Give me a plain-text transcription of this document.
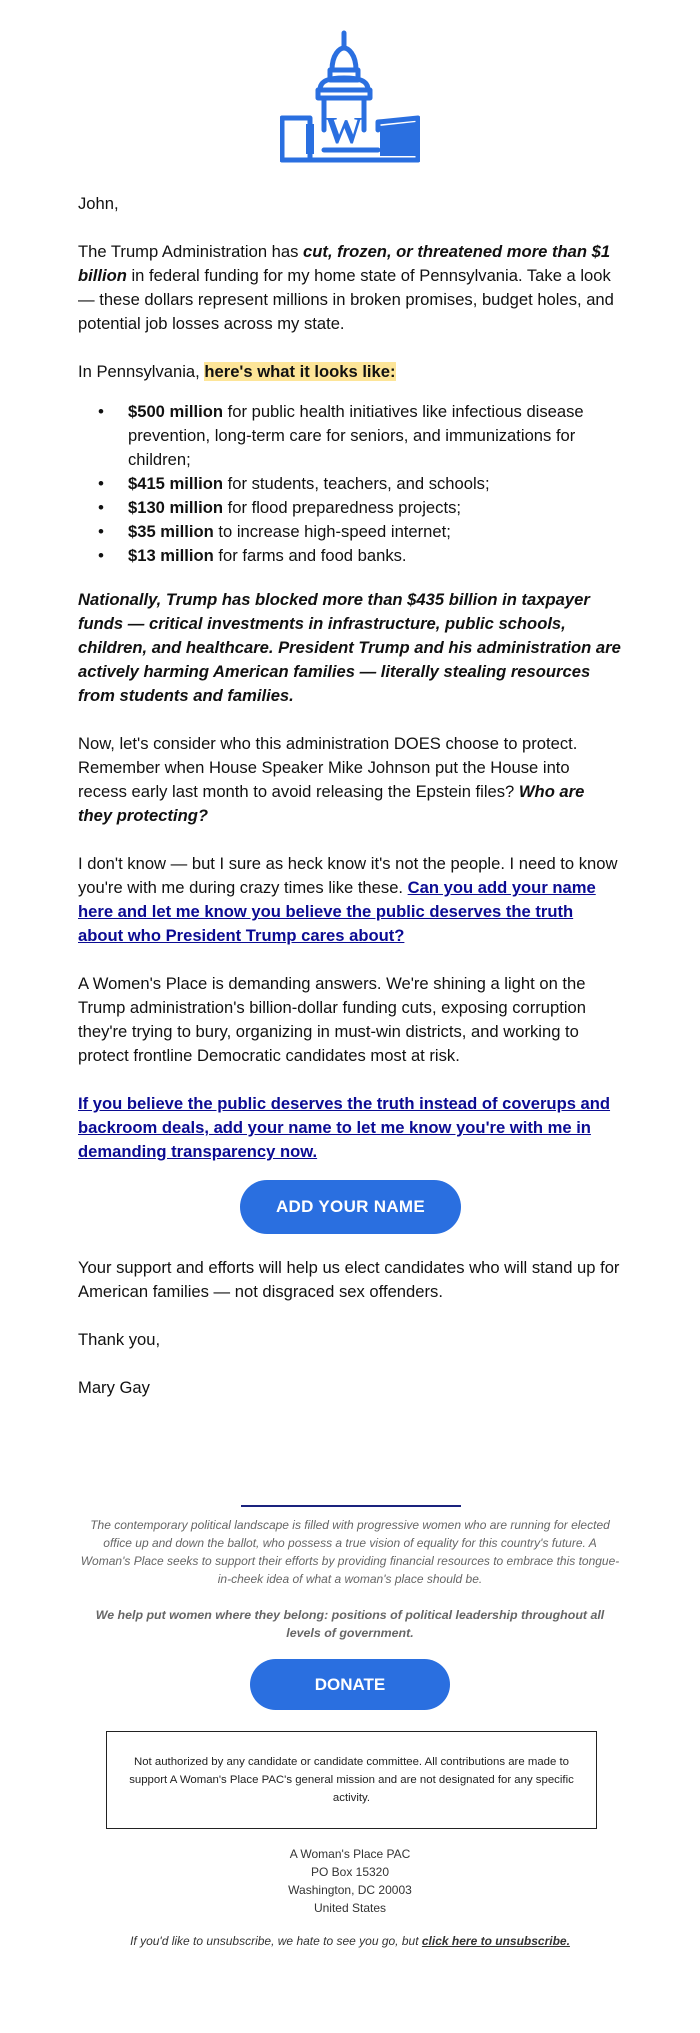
W

John,

The Trump Administration has cut, frozen, or threatened more than $1 billion in federal funding for my home state of Pennsylvania. Take a look — these dollars represent millions in broken promises, budget holes, and potential job losses across my state.

In Pennsylvania, here's what it looks like:

• $500 million for public health initiatives like infectious disease prevention, long-term care for seniors, and immunizations for children;
• $415 million for students, teachers, and schools;
• $130 million for flood preparedness projects;
• $35 million to increase high-speed internet;
• $13 million for farms and food banks.

Nationally, Trump has blocked more than $435 billion in taxpayer funds — critical investments in infrastructure, public schools, children, and healthcare. President Trump and his administration are actively harming American families — literally stealing resources from students and families.

Now, let's consider who this administration DOES choose to protect. Remember when House Speaker Mike Johnson put the House into recess early last month to avoid releasing the Epstein files? Who are they protecting?

I don't know — but I sure as heck know it's not the people. I need to know you're with me during crazy times like these. Can you add your name here and let me know you believe the public deserves the truth about who President Trump cares about?

A Women's Place is demanding answers. We're shining a light on the Trump administration's billion-dollar funding cuts, exposing corruption they're trying to bury, organizing in must-win districts, and working to protect frontline Democratic candidates most at risk.

If you believe the public deserves the truth instead of coverups and backroom deals, add your name to let me know you're with me in demanding transparency now.

ADD YOUR NAME

Your support and efforts will help us elect candidates who will stand up for American families — not disgraced sex offenders.

Thank you,

Mary Gay

The contemporary political landscape is filled with progressive women who are running for elected office up and down the ballot, who possess a true vision of equality for this country's future. A Woman's Place seeks to support their efforts by providing financial resources to embrace this tongue-in-cheek idea of what a woman's place should be.
We help put women where they belong: positions of political leadership throughout all levels of government.
DONATE
Not authorized by any candidate or candidate committee. All contributions are made to support A Woman's Place PAC's general mission and are not designated for any specific activity.
A Woman's Place PAC
PO Box 15320
Washington, DC 20003
United States
If you'd like to unsubscribe, we hate to see you go, but click here to unsubscribe.
